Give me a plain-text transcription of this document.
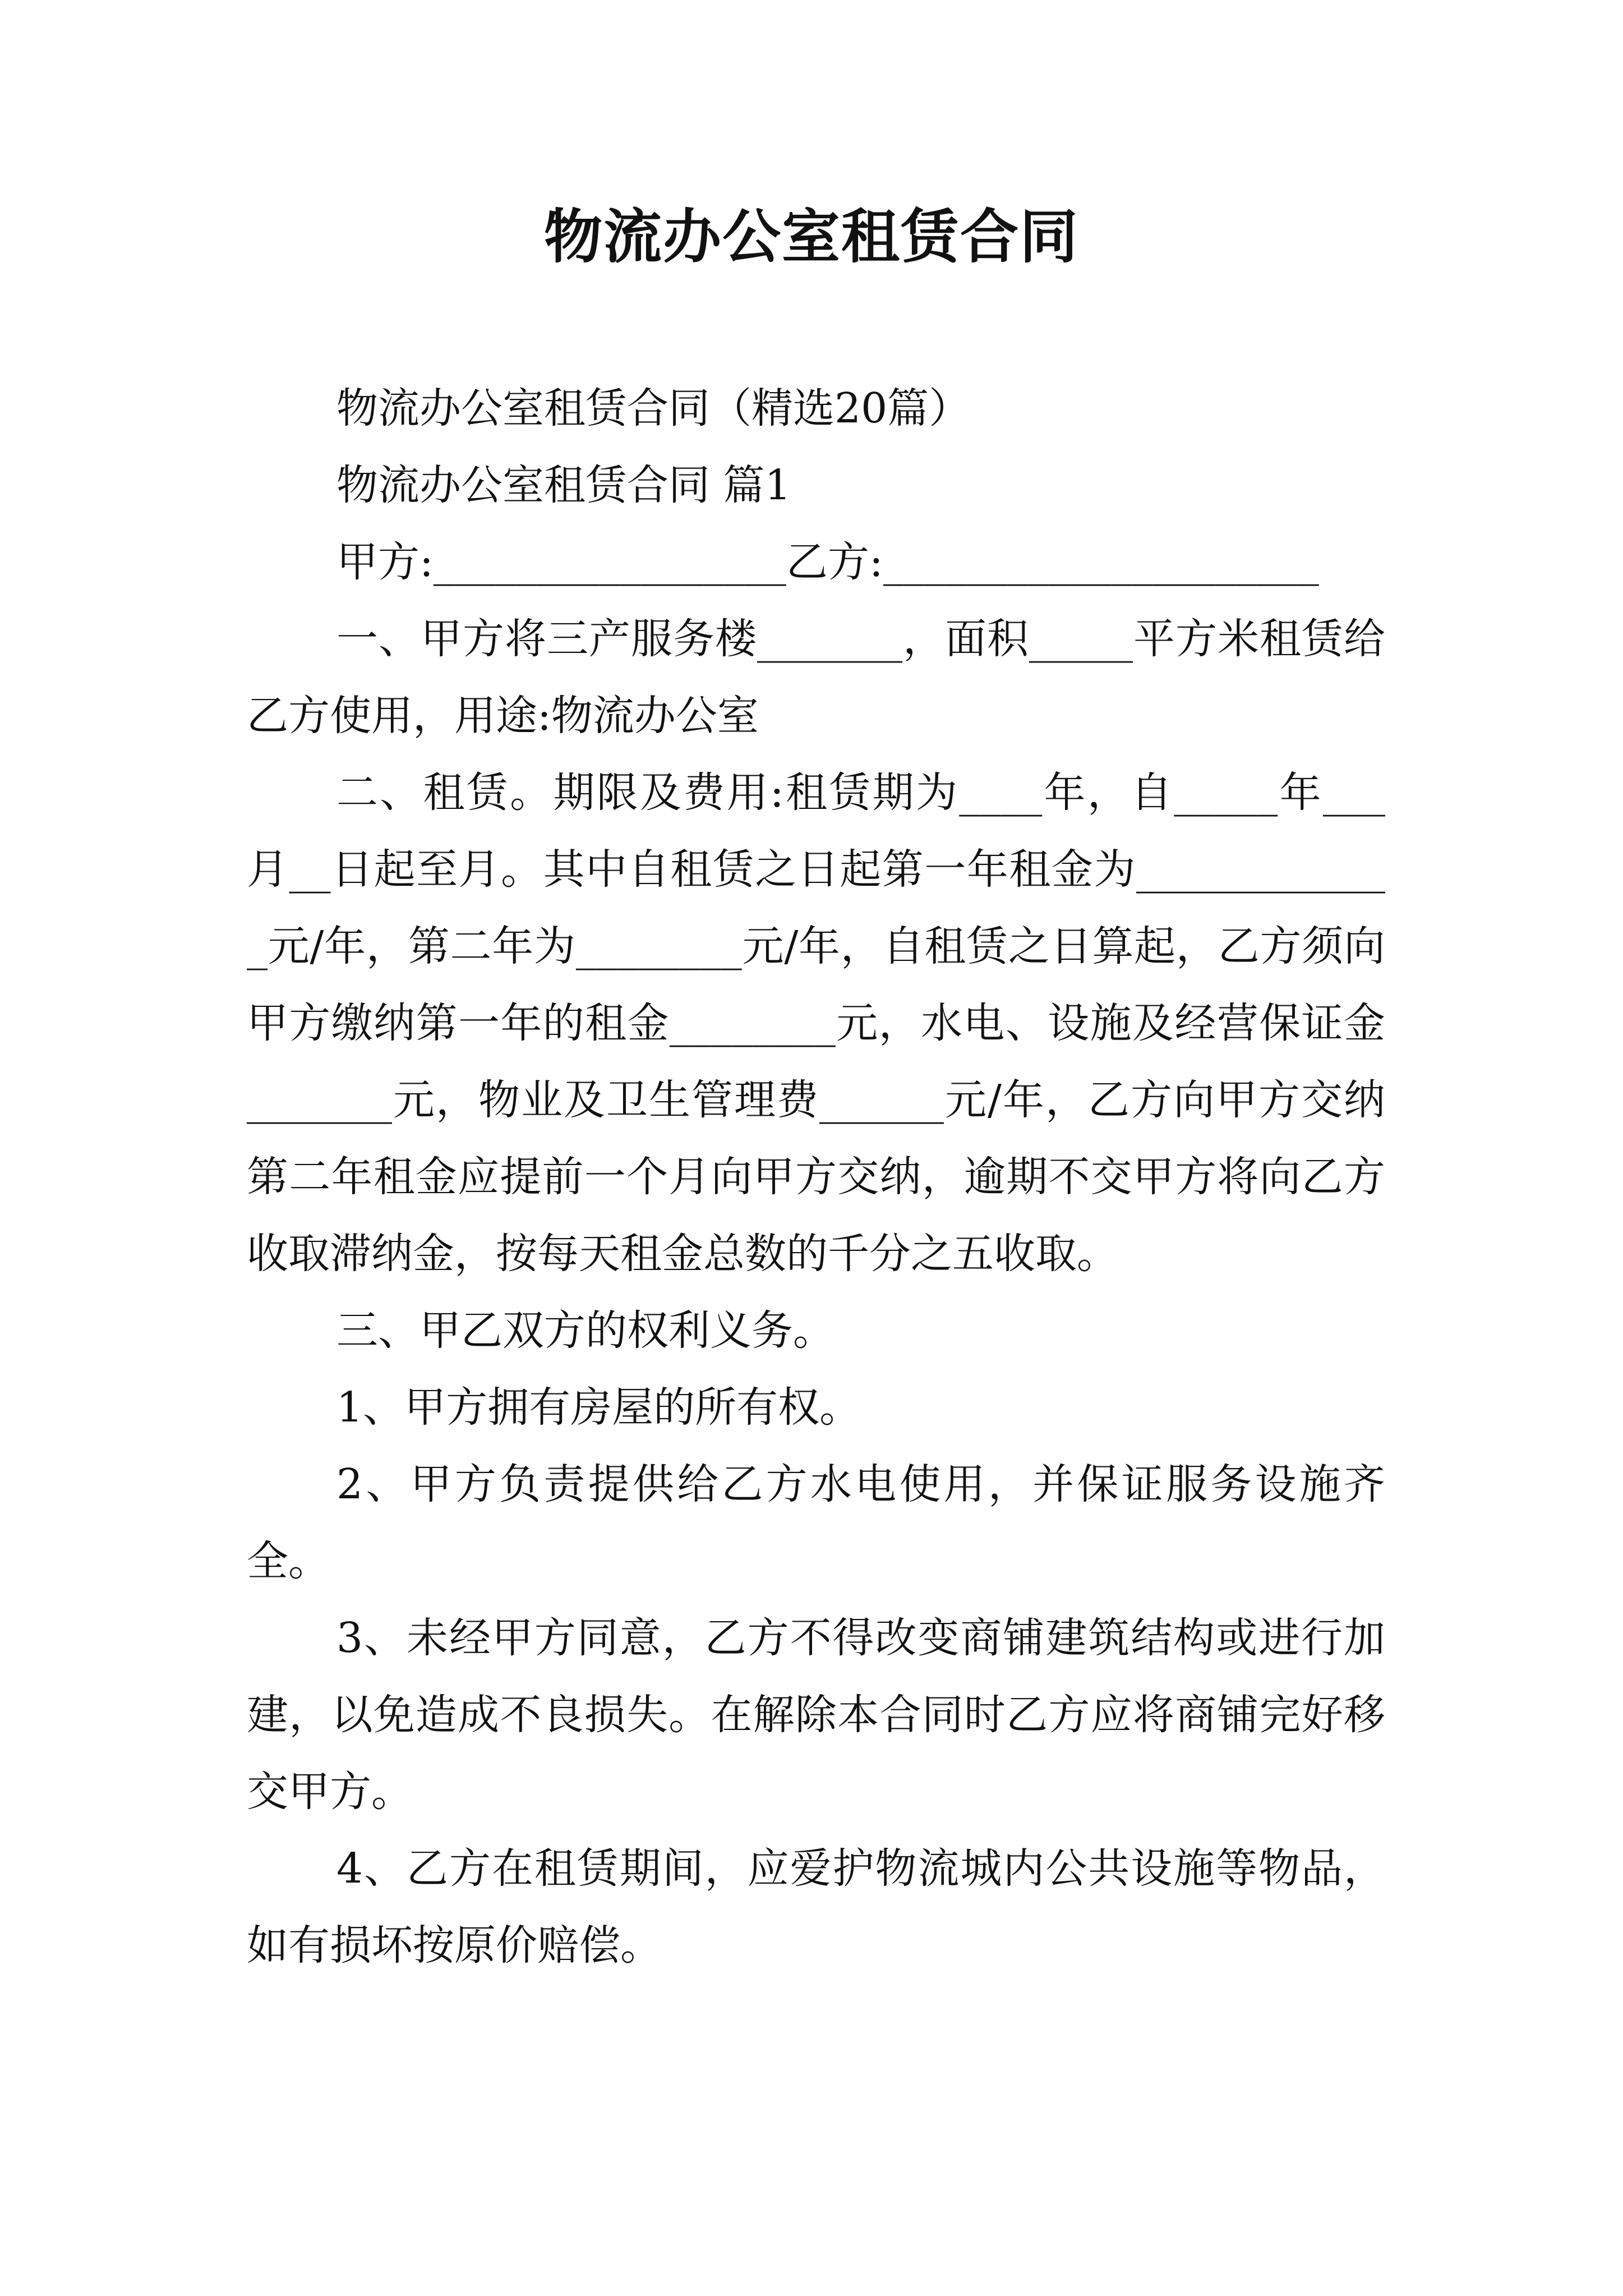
物流办公室租赁合同

物流办公室租赁合同（精选20篇）

物流办公室租赁合同 篇1

甲方:_________________乙方:_____________________

一、甲方将三产服务楼_______，面积_____平方米租赁给乙方使用，用途:物流办公室

二、租赁。期限及费用:租赁期为____年，自_____年___月__日起至月。其中自租赁之日起第一年租金为_____________元/年，第二年为________元/年，自租赁之日算起，乙方须向甲方缴纳第一年的租金________元，水电、设施及经营保证金_______元，物业及卫生管理费______元/年，乙方向甲方交纳第二年租金应提前一个月向甲方交纳，逾期不交甲方将向乙方收取滞纳金，按每天租金总数的千分之五收取。

三、甲乙双方的权利义务。

1、甲方拥有房屋的所有权。

2、甲方负责提供给乙方水电使用，并保证服务设施齐全。

3、未经甲方同意，乙方不得改变商铺建筑结构或进行加建，以免造成不良损失。在解除本合同时乙方应将商铺完好移交甲方。

4、乙方在租赁期间，应爱护物流城内公共设施等物品，如有损坏按原价赔偿。
